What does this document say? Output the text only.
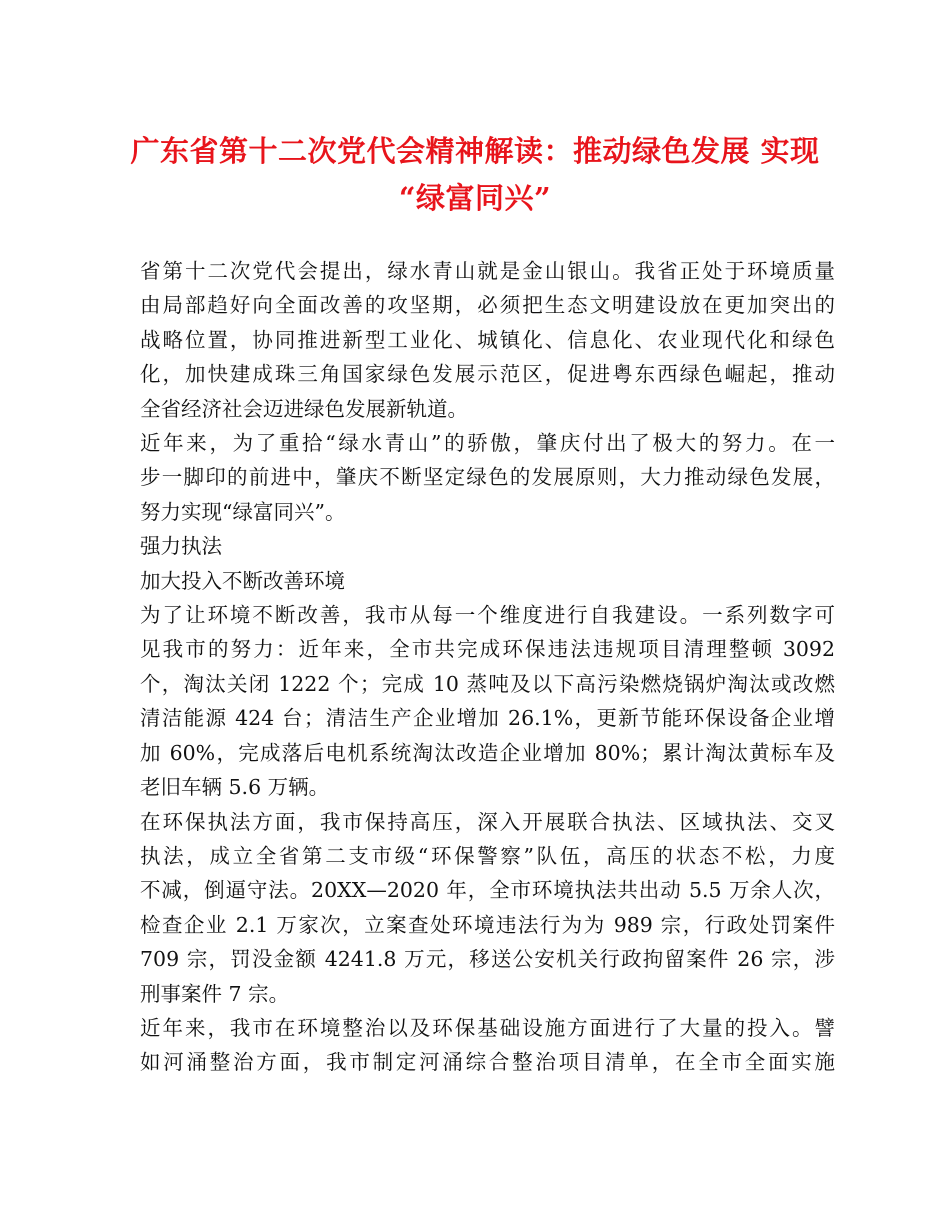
广东省第十二次党代会精神解读：推动绿色发展 实现
“绿富同兴”
省第十二次党代会提出，绿水青山就是金山银山。我省正处于环境质量
由局部趋好向全面改善的攻坚期，必须把生态文明建设放在更加突出的
战略位置，协同推进新型工业化、城镇化、信息化、农业现代化和绿色
化，加快建成珠三角国家绿色发展示范区，促进粤东西绿色崛起，推动
全省经济社会迈进绿色发展新轨道。
近年来，为了重拾“绿水青山”的骄傲，肇庆付出了极大的努力。在一
步一脚印的前进中，肇庆不断坚定绿色的发展原则，大力推动绿色发展，
努力实现“绿富同兴”。
强力执法
加大投入不断改善环境
为了让环境不断改善，我市从每一个维度进行自我建设。一系列数字可
见我市的努力：近年来，全市共完成环保违法违规项目清理整顿 3092
个，淘汰关闭 1222 个；完成 10 蒸吨及以下高污染燃烧锅炉淘汰或改燃
清洁能源 424 台；清洁生产企业增加 26.1%，更新节能环保设备企业增
加 60%，完成落后电机系统淘汰改造企业增加 80%；累计淘汰黄标车及
老旧车辆 5.6 万辆。
在环保执法方面，我市保持高压，深入开展联合执法、区域执法、交叉
执法，成立全省第二支市级“环保警察”队伍，高压的状态不松，力度
不减，倒逼守法。20XX—2020 年，全市环境执法共出动 5.5 万余人次，
检查企业 2.1 万家次，立案查处环境违法行为为 989 宗，行政处罚案件
709 宗，罚没金额 4241.8 万元，移送公安机关行政拘留案件 26 宗，涉
刑事案件 7 宗。
近年来，我市在环境整治以及环保基础设施方面进行了大量的投入。譬
如河涌整治方面，我市制定河涌综合整治项目清单，在全市全面实施
